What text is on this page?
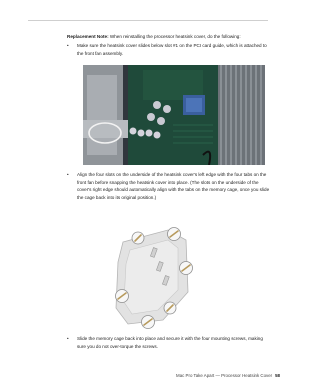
Replacement Note: When reinstalling the processor heatsink cover, do the following:
• Make sure the heatsink cover slides below slot #1 on the PCI card guide, which is attached to the front fan assembly.
• Align the four slots on the underside of the heatsink cover's left edge with the four tabs on the front fan before snapping the heatsink cover into place. (The slots on the underside of the cover's right edge should automatically align with the tabs on the memory cage, once you slide the cage back into its original position.)
• Slide the memory cage back into place and secure it with the four mounting screws, making sure you do not over-torque the screws.
Mac Pro Take Apart — Processor Heatsink Cover 58
